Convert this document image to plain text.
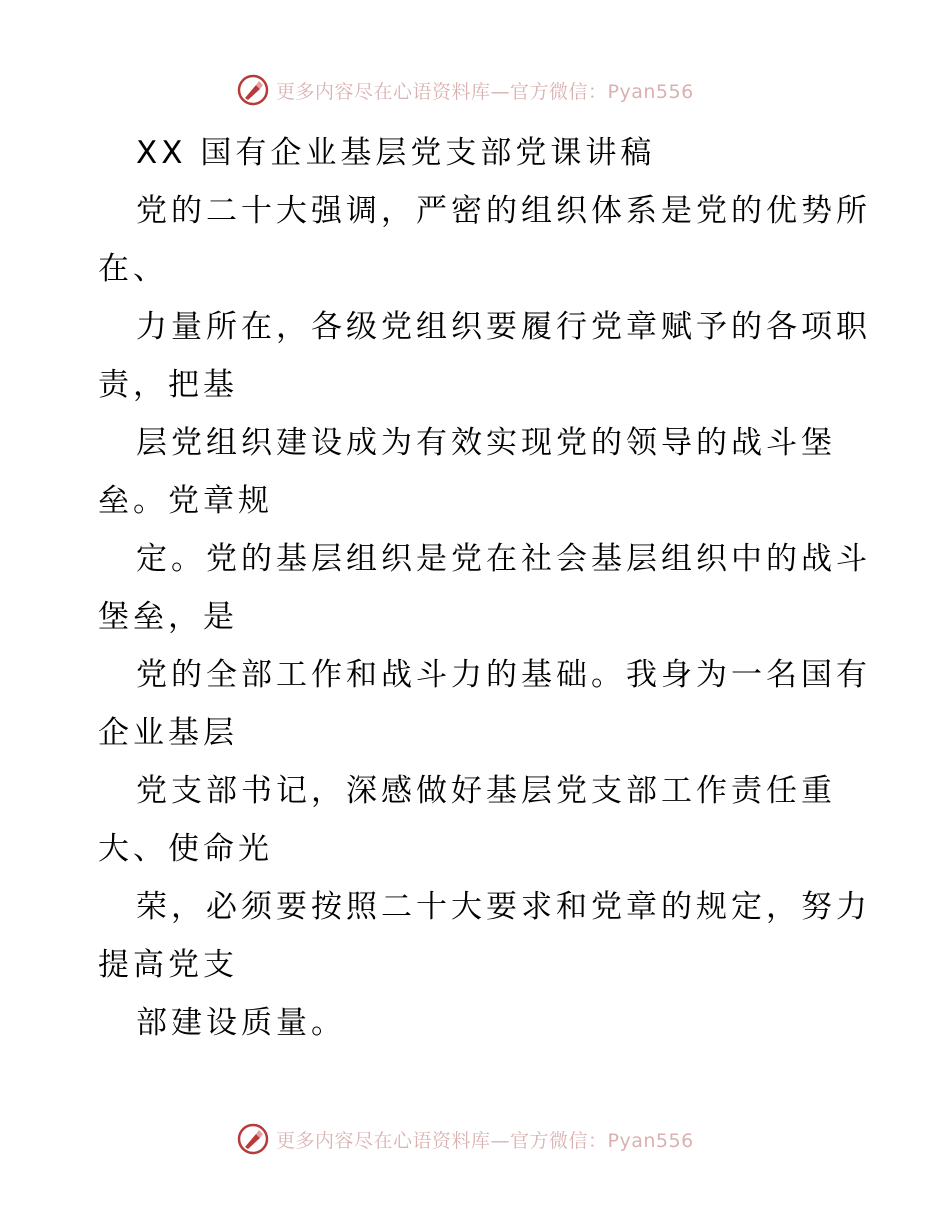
更多内容尽在心语资料库—官方微信：Pyan556
XX 国有企业基层党支部党课讲稿
党的二十大强调，严密的组织体系是党的优势所
在、
力量所在，各级党组织要履行党章赋予的各项职
责，把基
层党组织建设成为有效实现党的领导的战斗堡
垒。党章规
定。党的基层组织是党在社会基层组织中的战斗
堡垒，是
党的全部工作和战斗力的基础。我身为一名国有
企业基层
党支部书记，深感做好基层党支部工作责任重
大、使命光
荣，必须要按照二十大要求和党章的规定，努力
提高党支
部建设质量。
更多内容尽在心语资料库—官方微信：Pyan556
